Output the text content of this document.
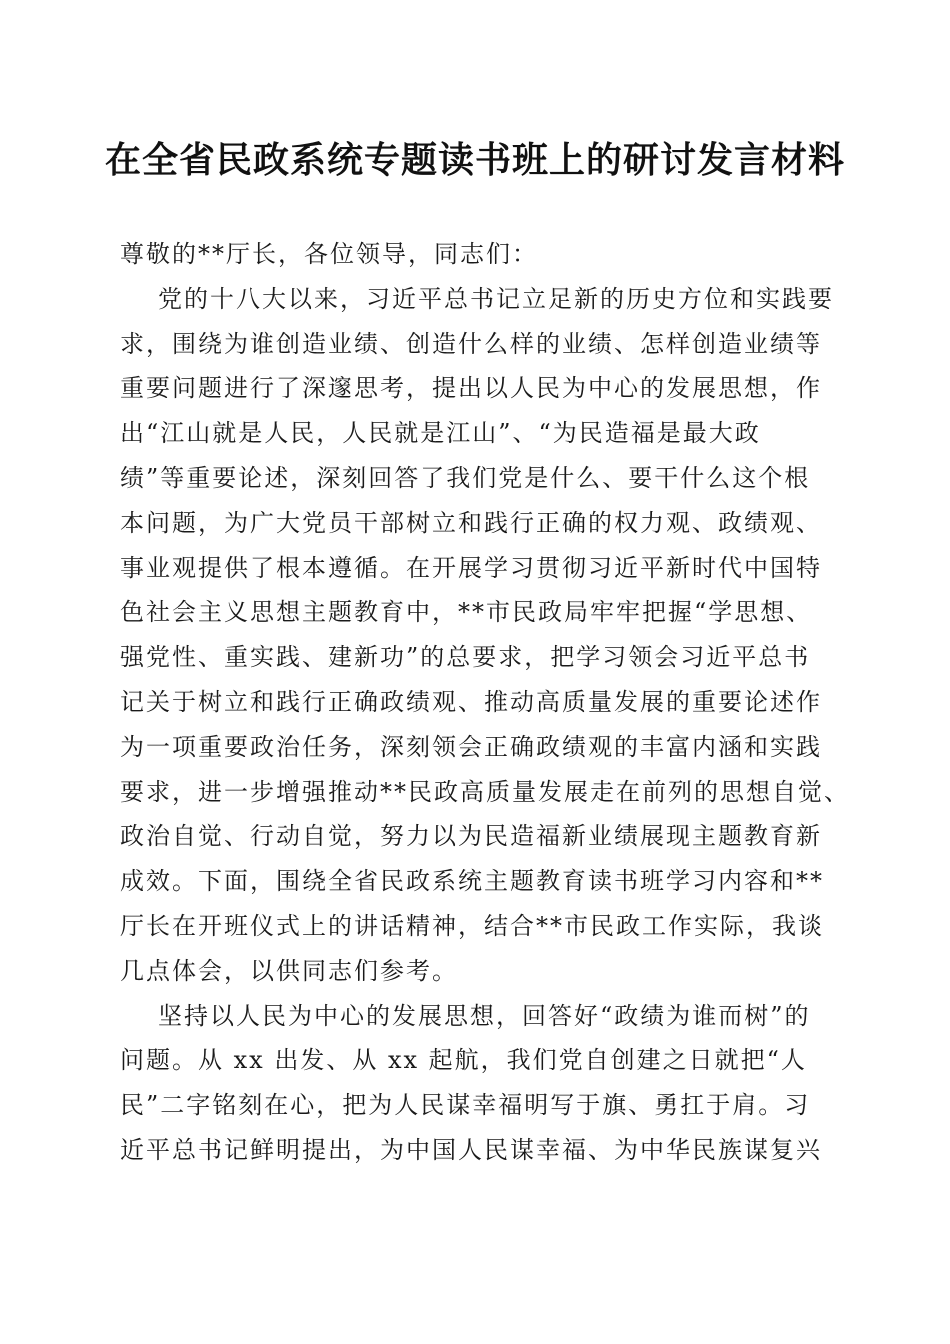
在全省民政系统专题读书班上的研讨发言材料
尊敬的**厅长，各位领导，同志们：
党的十八大以来，习近平总书记立足新的历史方位和实践要
求，围绕为谁创造业绩、创造什么样的业绩、怎样创造业绩等
重要问题进行了深邃思考，提出以人民为中心的发展思想，作
出“江山就是人民，人民就是江山”、“为民造福是最大政
绩”等重要论述，深刻回答了我们党是什么、要干什么这个根
本问题，为广大党员干部树立和践行正确的权力观、政绩观、
事业观提供了根本遵循。在开展学习贯彻习近平新时代中国特
色社会主义思想主题教育中，**市民政局牢牢把握“学思想、
强党性、重实践、建新功”的总要求，把学习领会习近平总书
记关于树立和践行正确政绩观、推动高质量发展的重要论述作
为一项重要政治任务，深刻领会正确政绩观的丰富内涵和实践
要求，进一步增强推动**民政高质量发展走在前列的思想自觉、
政治自觉、行动自觉，努力以为民造福新业绩展现主题教育新
成效。下面，围绕全省民政系统主题教育读书班学习内容和**
厅长在开班仪式上的讲话精神，结合**市民政工作实际，我谈
几点体会，以供同志们参考。
坚持以人民为中心的发展思想，回答好“政绩为谁而树”的
问题。从 xx 出发、从 xx 起航，我们党自创建之日就把“人
民”二字铭刻在心，把为人民谋幸福明写于旗、勇扛于肩。习
近平总书记鲜明提出，为中国人民谋幸福、为中华民族谋复兴
